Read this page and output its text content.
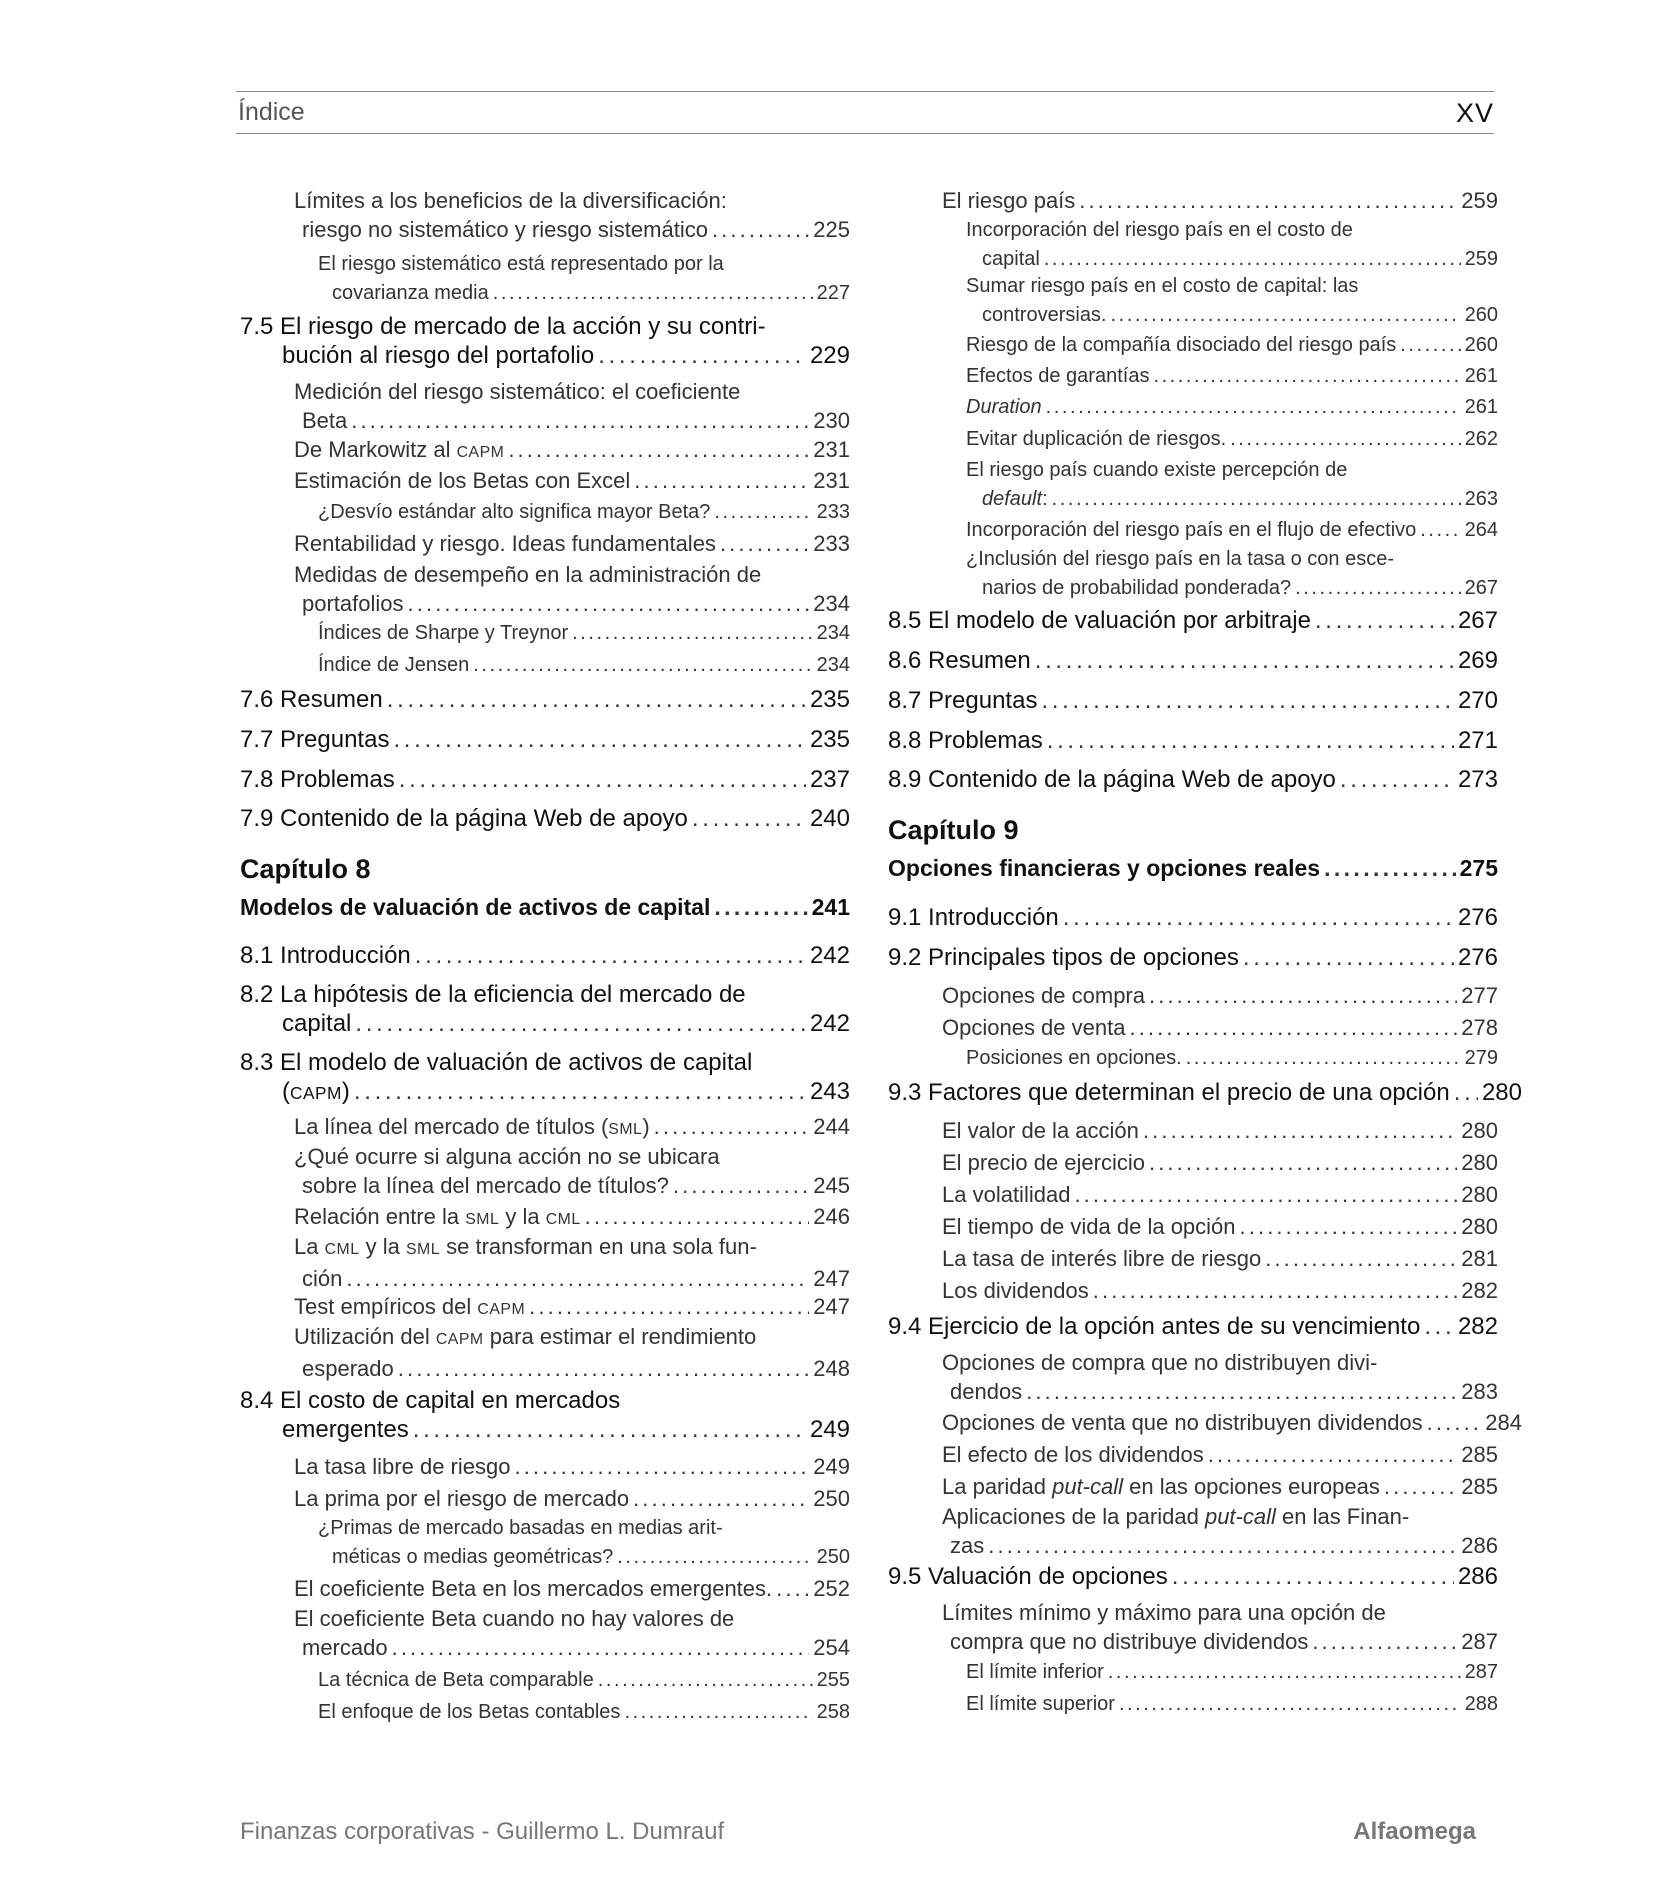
Índice	XV
Límites a los beneficios de la diversificación:
riesgo no sistemático y riesgo sistemático . . .	225
El riesgo sistemático está representado por la
covarianza media . . .	227
7.5 El riesgo de mercado de la acción y su contri-
bución al riesgo del portafolio . . .	229
Medición del riesgo sistemático: el coeficiente
Beta . . .	230
De Markowitz al CAPM . . .	231
Estimación de los Betas con Excel . . .	231
¿Desvío estándar alto significa mayor Beta? . . .	233
Rentabilidad y riesgo. Ideas fundamentales . . .	233
Medidas de desempeño en la administración de
portafolios . . .	234
Índices de Sharpe y Treynor . . .	234
Índice de Jensen . . .	234
7.6 Resumen . . .	235
7.7 Preguntas . . .	235
7.8 Problemas . . .	237
7.9 Contenido de la página Web de apoyo . . .	240
Capítulo 8
Modelos de valuación de activos de capital . . .	241
8.1 Introducción . . .	242
8.2 La hipótesis de la eficiencia del mercado de
capital . . .	242
8.3 El modelo de valuación de activos de capital
(CAPM) . . .	243
La línea del mercado de títulos (SML) . . .	244
¿Qué ocurre si alguna acción no se ubicara
sobre la línea del mercado de títulos? . . .	245
Relación entre la SML y la CML . . .	246
La CML y la SML se transforman en una sola fun-
ción . . .	247
Test empíricos del CAPM . . .	247
Utilización del CAPM para estimar el rendimiento
esperado . . .	248
8.4 El costo de capital en mercados
emergentes . . .	249
La tasa libre de riesgo . . .	249
La prima por el riesgo de mercado . . .	250
¿Primas de mercado basadas en medias arit-
méticas o medias geométricas? . . .	250
El coeficiente Beta en los mercados emergentes. . . . 252
El coeficiente Beta cuando no hay valores de
mercado . . .	254
La técnica de Beta comparable . . .	255
El enfoque de los Betas contables . . .	258
El riesgo país . . .	259
Incorporación del riesgo país en el costo de
capital . . .	259
Sumar riesgo país en el costo de capital: las
controversias. . . .	260
Riesgo de la compañía disociado del riesgo país . . .	260
Efectos de garantías . . .	261
Duration . . .	261
Evitar duplicación de riesgos. . . .	262
El riesgo país cuando existe percepción de
default: . . .	263
Incorporación del riesgo país en el flujo de efectivo . . . 264
¿Inclusión del riesgo país en la tasa o con esce-
narios de probabilidad ponderada? . . .	267
8.5 El modelo de valuación por arbitraje . . .	267
8.6 Resumen . . .	269
8.7 Preguntas . . .	270
8.8 Problemas . . .	271
8.9 Contenido de la página Web de apoyo . . .	273
Capítulo 9
Opciones financieras y opciones reales . . .	275
9.1 Introducción . . .	276
9.2 Principales tipos de opciones . . .	276
Opciones de compra . . .	277
Opciones de venta . . .	278
Posiciones en opciones. . . .	279
9.3 Factores que determinan el precio de una opción . . . 280
El valor de la acción . . .	280
El precio de ejercicio . . .	280
La volatilidad . . .	280
El tiempo de vida de la opción . . .	280
La tasa de interés libre de riesgo . . .	281
Los dividendos . . .	282
9.4 Ejercicio de la opción antes de su vencimiento . . . 282
Opciones de compra que no distribuyen divi-
dendos . . .	283
Opciones de venta que no distribuyen dividendos . . .	284
El efecto de los dividendos . . .	285
La paridad put-call en las opciones europeas . . .	285
Aplicaciones de la paridad put-call en las Finan-
zas . . .	286
9.5 Valuación de opciones . . .	286
Límites mínimo y máximo para una opción de
compra que no distribuye dividendos . . .	287
El límite inferior . . .	287
El límite superior . . .	288
Finanzas corporativas - Guillermo L. Dumrauf	Alfaomega
